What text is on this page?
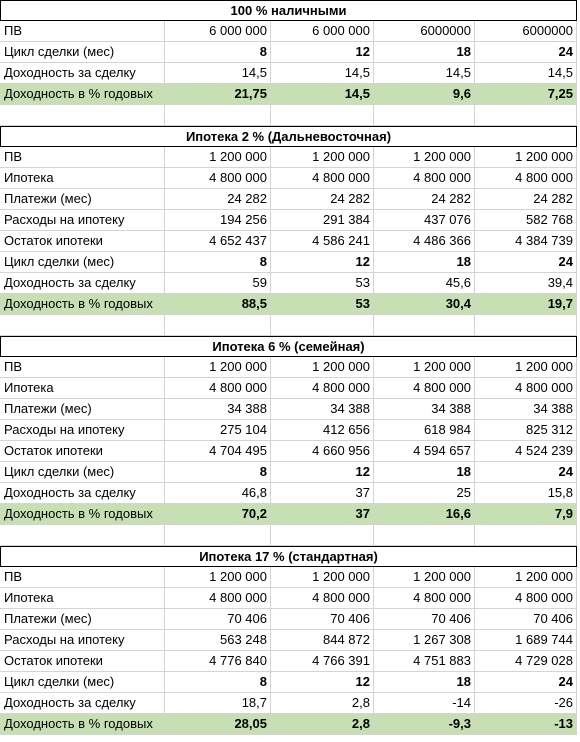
100 % наличными
ПВ	6 000 000	6 000 000	6000000	6000000
Цикл сделки (мес)	8	12	18	24
Доходность за сделку	14,5	14,5	14,5	14,5
Доходность в % годовых	21,75	14,5	9,6	7,25
Ипотека 2 % (Дальневосточная)
ПВ	1 200 000	1 200 000	1 200 000	1 200 000
Ипотека	4 800 000	4 800 000	4 800 000	4 800 000
Платежи (мес)	24 282	24 282	24 282	24 282
Расходы на ипотеку	194 256	291 384	437 076	582 768
Остаток ипотеки	4 652 437	4 586 241	4 486 366	4 384 739
Цикл сделки (мес)	8	12	18	24
Доходность за сделку	59	53	45,6	39,4
Доходность в % годовых	88,5	53	30,4	19,7
Ипотека 6 % (семейная)
ПВ	1 200 000	1 200 000	1 200 000	1 200 000
Ипотека	4 800 000	4 800 000	4 800 000	4 800 000
Платежи (мес)	34 388	34 388	34 388	34 388
Расходы на ипотеку	275 104	412 656	618 984	825 312
Остаток ипотеки	4 704 495	4 660 956	4 594 657	4 524 239
Цикл сделки (мес)	8	12	18	24
Доходность за сделку	46,8	37	25	15,8
Доходность в % годовых	70,2	37	16,6	7,9
Ипотека 17 % (стандартная)
ПВ	1 200 000	1 200 000	1 200 000	1 200 000
Ипотека	4 800 000	4 800 000	4 800 000	4 800 000
Платежи (мес)	70 406	70 406	70 406	70 406
Расходы на ипотеку	563 248	844 872	1 267 308	1 689 744
Остаток ипотеки	4 776 840	4 766 391	4 751 883	4 729 028
Цикл сделки (мес)	8	12	18	24
Доходность за сделку	18,7	2,8	-14	-26
Доходность в % годовых	28,05	2,8	-9,3	-13
